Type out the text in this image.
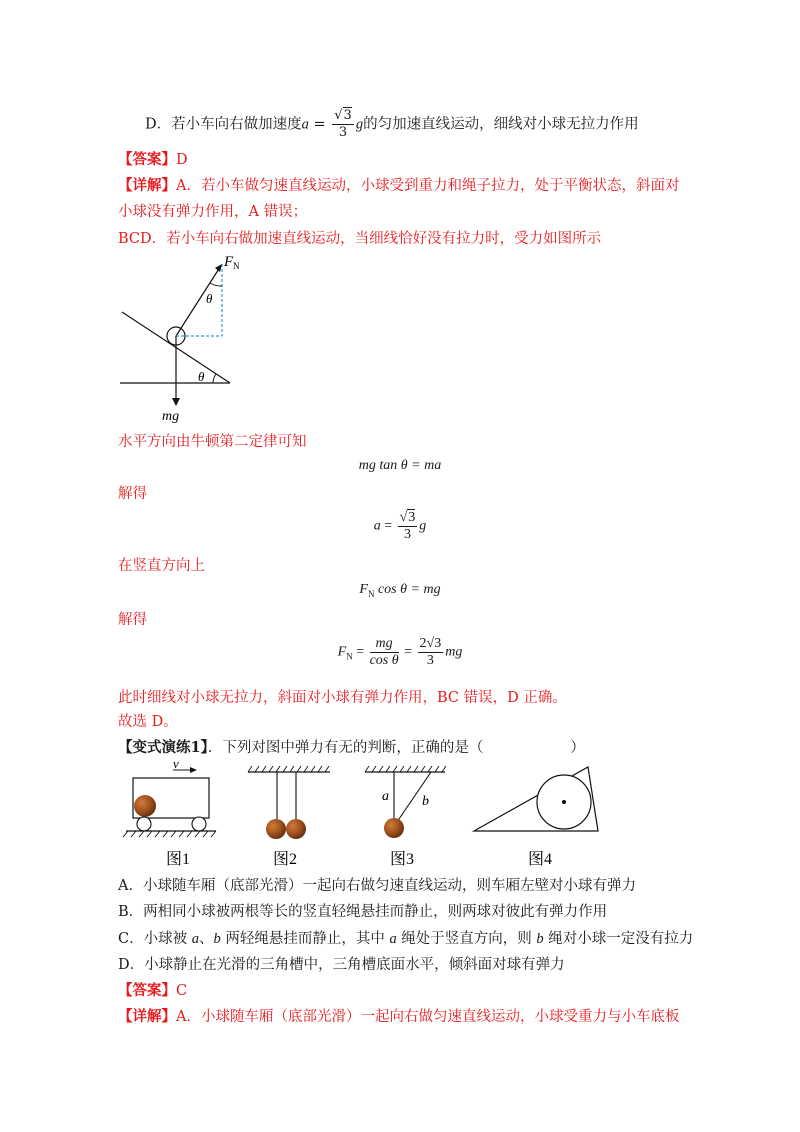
D．若小车向右做加速度$a = \frac{√3}{3}$ g的匀加速直线运动，细线对小球无拉力作用
【答案】D
【详解】A．若小车做匀速直线运动，小球受到重力和绳子拉力，处于平衡状态，斜面对
小球没有弹力作用，A 错误；
BCD．若小车向右做加速直线运动，当细线恰好没有拉力时，受力如图所示
F N
θ
θ
mg
水平方向由牛顿第二定律可知
mg tan θ = ma
解得
$a = \frac{√3}{3}$ g
在竖直方向上
$F_N$ cos θ = mg
解得
$F_N = \frac{mg}{\text{cos θ}} = \frac{2√3}{3}$ mg
此时细线对小球无拉力，斜面对小球有弹力作用，BC 错误，D 正确。
故选 D。
【变式演练1】．下列对图中弹力有无的判断，正确的是（　　　　　　）
v
a b
图1	图2	图3	图4
A．小球随车厢（底部光滑）一起向右做匀速直线运动，则车厢左壁对小球有弹力
B．两相同小球被两根等长的竖直轻绳悬挂而静止，则两球对彼此有弹力作用
C．小球被 a、b 两轻绳悬挂而静止，其中 a 绳处于竖直方向，则 b 绳对小球一定没有拉力
D．小球静止在光滑的三角槽中，三角槽底面水平，倾斜面对球有弹力
【答案】C
【详解】A．小球随车厢（底部光滑）一起向右做匀速直线运动，小球受重力与小车底板
